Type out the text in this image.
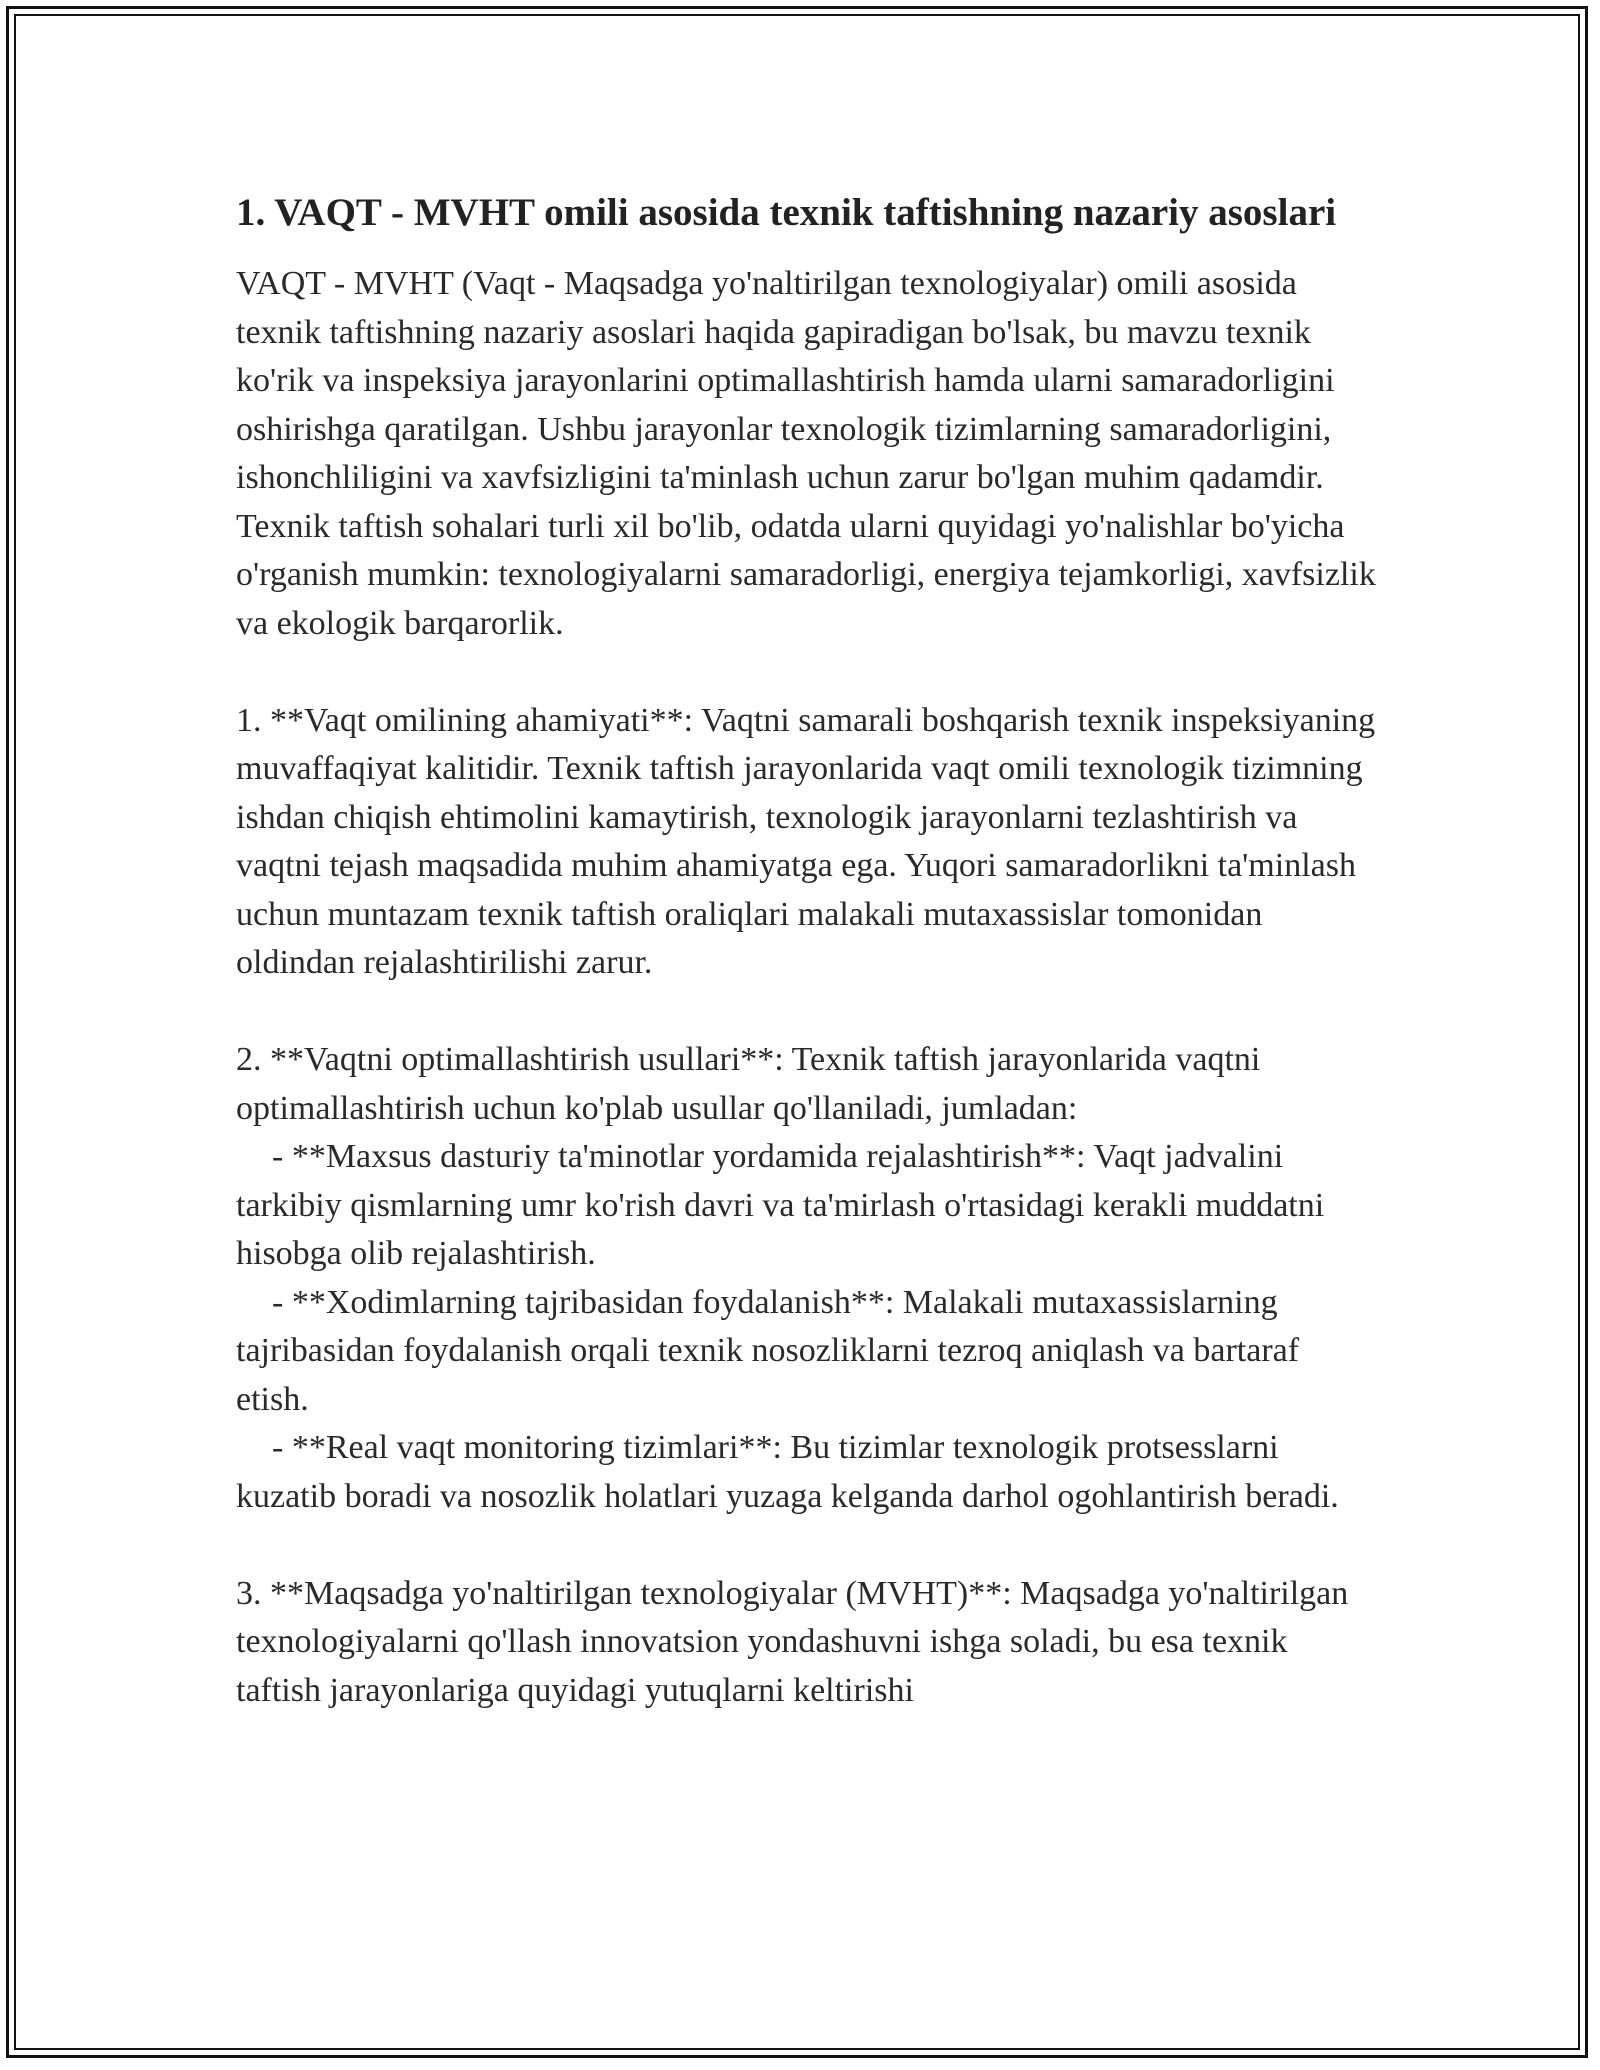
1. VAQT - MVHT omili asosida texnik taftishning nazariy asoslari

VAQT - MVHT (Vaqt - Maqsadga yo'naltirilgan texnologiyalar) omili asosida texnik taftishning nazariy asoslari haqida gapiradigan bo'lsak, bu mavzu texnik ko'rik va inspeksiya jarayonlarini optimallashtirish hamda ularni samaradorligini oshirishga qaratilgan. Ushbu jarayonlar texnologik tizimlarning samaradorligini, ishonchliligini va xavfsizligini ta'minlash uchun zarur bo'lgan muhim qadamdir. Texnik taftish sohalari turli xil bo'lib, odatda ularni quyidagi yo'nalishlar bo'yicha o'rganish mumkin: texnologiyalarni samaradorligi, energiya tejamkorligi, xavfsizlik va ekologik barqarorlik.

1. **Vaqt omilining ahamiyati**: Vaqtni samarali boshqarish texnik inspeksiyaning muvaffaqiyat kalitidir. Texnik taftish jarayonlarida vaqt omili texnologik tizimning ishdan chiqish ehtimolini kamaytirish, texnologik jarayonlarni tezlashtirish va vaqtni tejash maqsadida muhim ahamiyatga ega. Yuqori samaradorlikni ta'minlash uchun muntazam texnik taftish oraliqlari malakali mutaxassislar tomonidan oldindan rejalashtirilishi zarur.

2. **Vaqtni optimallashtirish usullari**: Texnik taftish jarayonlarida vaqtni optimallashtirish uchun ko'plab usullar qo'llaniladi, jumladan:

- **Maxsus dasturiy ta'minotlar yordamida rejalashtirish**: Vaqt jadvalini tarkibiy qismlarning umr ko'rish davri va ta'mirlash o'rtasidagi kerakli muddatni hisobga olib rejalashtirish.

- **Xodimlarning tajribasidan foydalanish**: Malakali mutaxassislarning tajribasidan foydalanish orqali texnik nosozliklarni tezroq aniqlash va bartaraf etish.

- **Real vaqt monitoring tizimlari**: Bu tizimlar texnologik protsesslarni kuzatib boradi va nosozlik holatlari yuzaga kelganda darhol ogohlantirish beradi.

3. **Maqsadga yo'naltirilgan texnologiyalar (MVHT)**: Maqsadga yo'naltirilgan texnologiyalarni qo'llash innovatsion yondashuvni ishga soladi, bu esa texnik taftish jarayonlariga quyidagi yutuqlarni keltirishi
